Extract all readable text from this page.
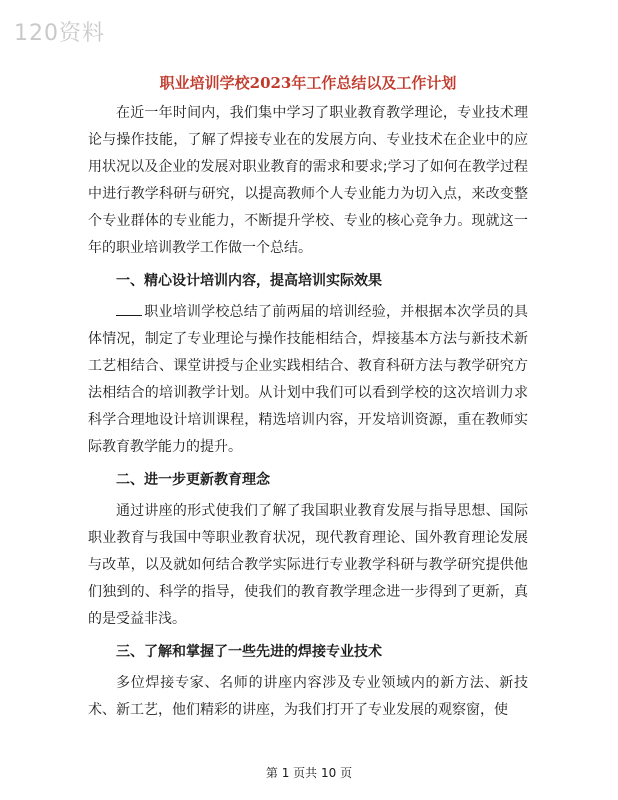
120资料
职业培训学校2023年工作总结以及工作计划

在近一年时间内，我们集中学习了职业教育教学理论，专业技术理论与操作技能，了解了焊接专业在的发展方向、专业技术在企业中的应用状况以及企业的发展对职业教育的需求和要求;学习了如何在教学过程中进行教学科研与研究，以提高教师个人专业能力为切入点，来改变整个专业群体的专业能力，不断提升学校、专业的核心竞争力。现就这一年的职业培训教学工作做一个总结。

一、精心设计培训内容，提高培训实际效果

职业培训学校总结了前两届的培训经验，并根据本次学员的具体情况，制定了专业理论与操作技能相结合，焊接基本方法与新技术新工艺相结合、课堂讲授与企业实践相结合、教育科研方法与教学研究方法相结合的培训教学计划。从计划中我们可以看到学校的这次培训力求科学合理地设计培训课程，精选培训内容，开发培训资源，重在教师实际教育教学能力的提升。

二、进一步更新教育理念

通过讲座的形式使我们了解了我国职业教育发展与指导思想、国际职业教育与我国中等职业教育状况，现代教育理论、国外教育理论发展与改革，以及就如何结合教学实际进行专业教学科研与教学研究提供他们独到的、科学的指导，使我们的教育教学理念进一步得到了更新，真的是受益非浅。

三、了解和掌握了一些先进的焊接专业技术

多位焊接专家、名师的讲座内容涉及专业领域内的新方法、新技术、新工艺，他们精彩的讲座，为我们打开了专业发展的观察窗，使

第 1 页共 10 页
